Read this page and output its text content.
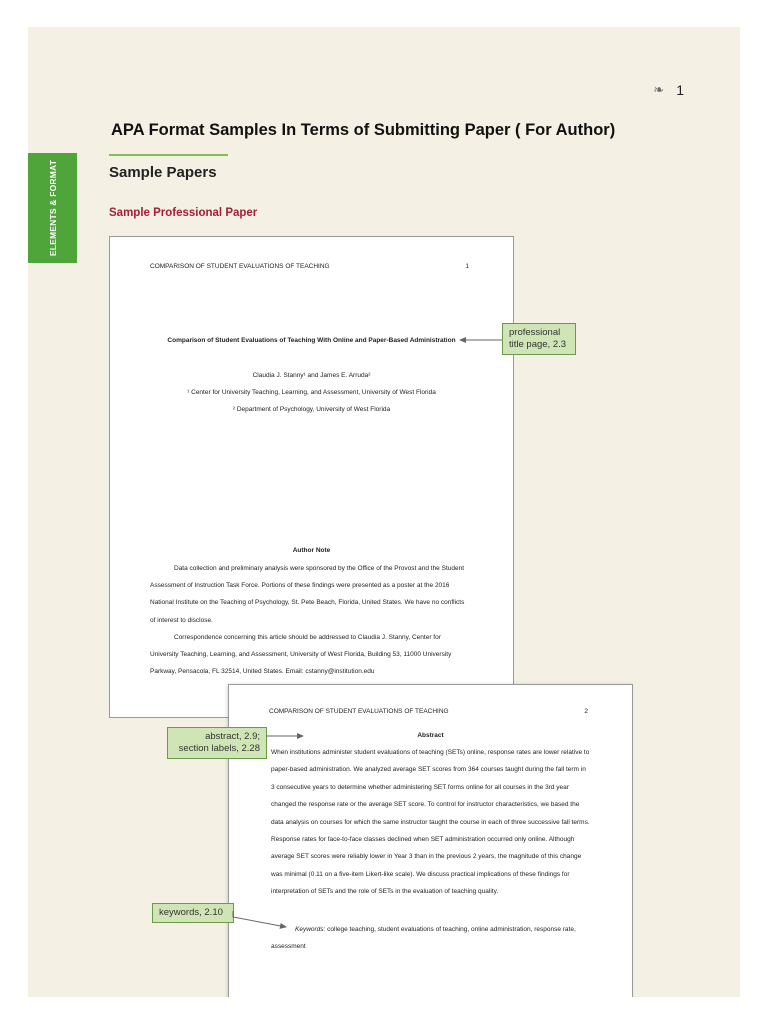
❧ 1
APA Format Samples In Terms of Submitting Paper ( For Author)
Sample Papers
Sample Professional Paper
ELEMENTS & FORMAT
COMPARISON OF STUDENT EVALUATIONS OF TEACHING	1
Comparison of Student Evaluations of Teaching With Online and Paper-Based Administration
Claudia J. Stanny¹ and James E. Arruda²
¹ Center for University Teaching, Learning, and Assessment, University of West Florida
² Department of Psychology, University of West Florida
Author Note

Data collection and preliminary analysis were sponsored by the Office of the Provost and the Student Assessment of Instruction Task Force. Portions of these findings were presented as a poster at the 2016 National Institute on the Teaching of Psychology, St. Pete Beach, Florida, United States. We have no conflicts of interest to disclose.

Correspondence concerning this article should be addressed to Claudia J. Stanny, Center for University Teaching, Learning, and Assessment, University of West Florida, Building 53, 11000 University Parkway, Pensacola, FL 32514, United States. Email: cstanny@institution.edu

COMPARISON OF STUDENT EVALUATIONS OF TEACHING	2
Abstract

When institutions administer student evaluations of teaching (SETs) online, response rates are lower relative to paper-based administration. We analyzed average SET scores from 364 courses taught during the fall term in 3 consecutive years to determine whether administering SET forms online for all courses in the 3rd year changed the response rate or the average SET score. To control for instructor characteristics, we based the data analysis on courses for which the same instructor taught the course in each of three successive fall terms. Response rates for face-to-face classes declined when SET administration occurred only online. Although average SET scores were reliably lower in Year 3 than in the previous 2 years, the magnitude of this change was minimal (0.11 on a five-item Likert-like scale). We discuss practical implications of these findings for interpretation of SETs and the role of SETs in the evaluation of teaching quality.

Keywords: college teaching, student evaluations of teaching, online administration, response rate, assessment

professional
title page, 2.3
abstract, 2.9;
section labels, 2.28
keywords, 2.10
